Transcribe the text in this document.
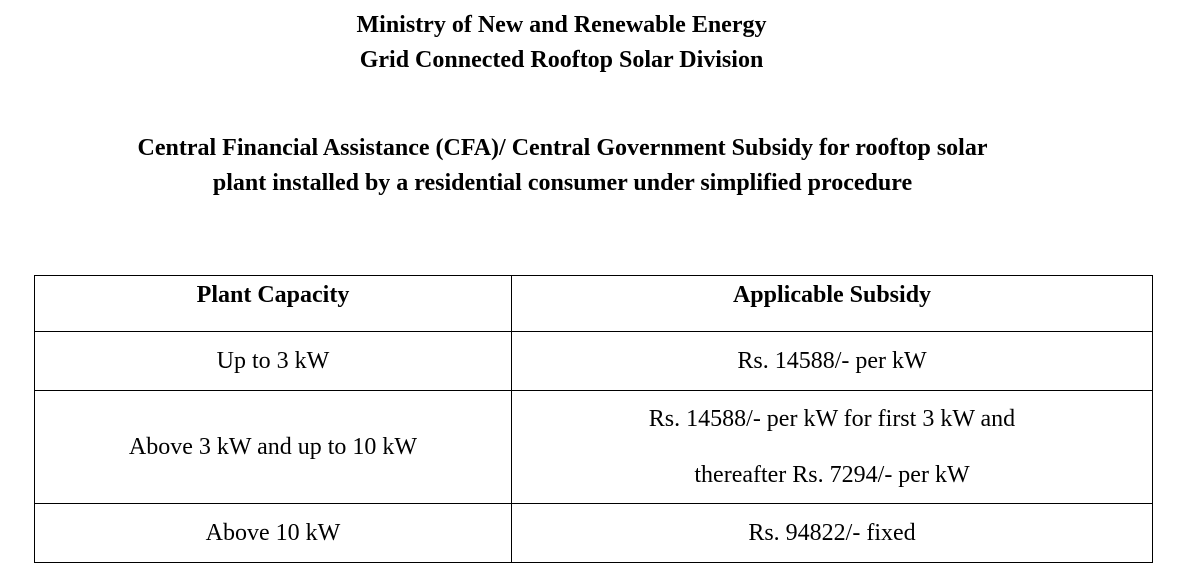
Ministry of New and Renewable Energy
Grid Connected Rooftop Solar Division
Central Financial Assistance (CFA)/ Central Government Subsidy for rooftop solar
plant installed by a residential consumer under simplified procedure
Plant Capacity	Applicable Subsidy
Up to 3 kW	Rs. 14588/- per kW
Above 3 kW and up to 10 kW	Rs. 14588/- per kW for first 3 kW and
thereafter Rs. 7294/- per kW

Above 10 kW	Rs. 94822/- fixed
